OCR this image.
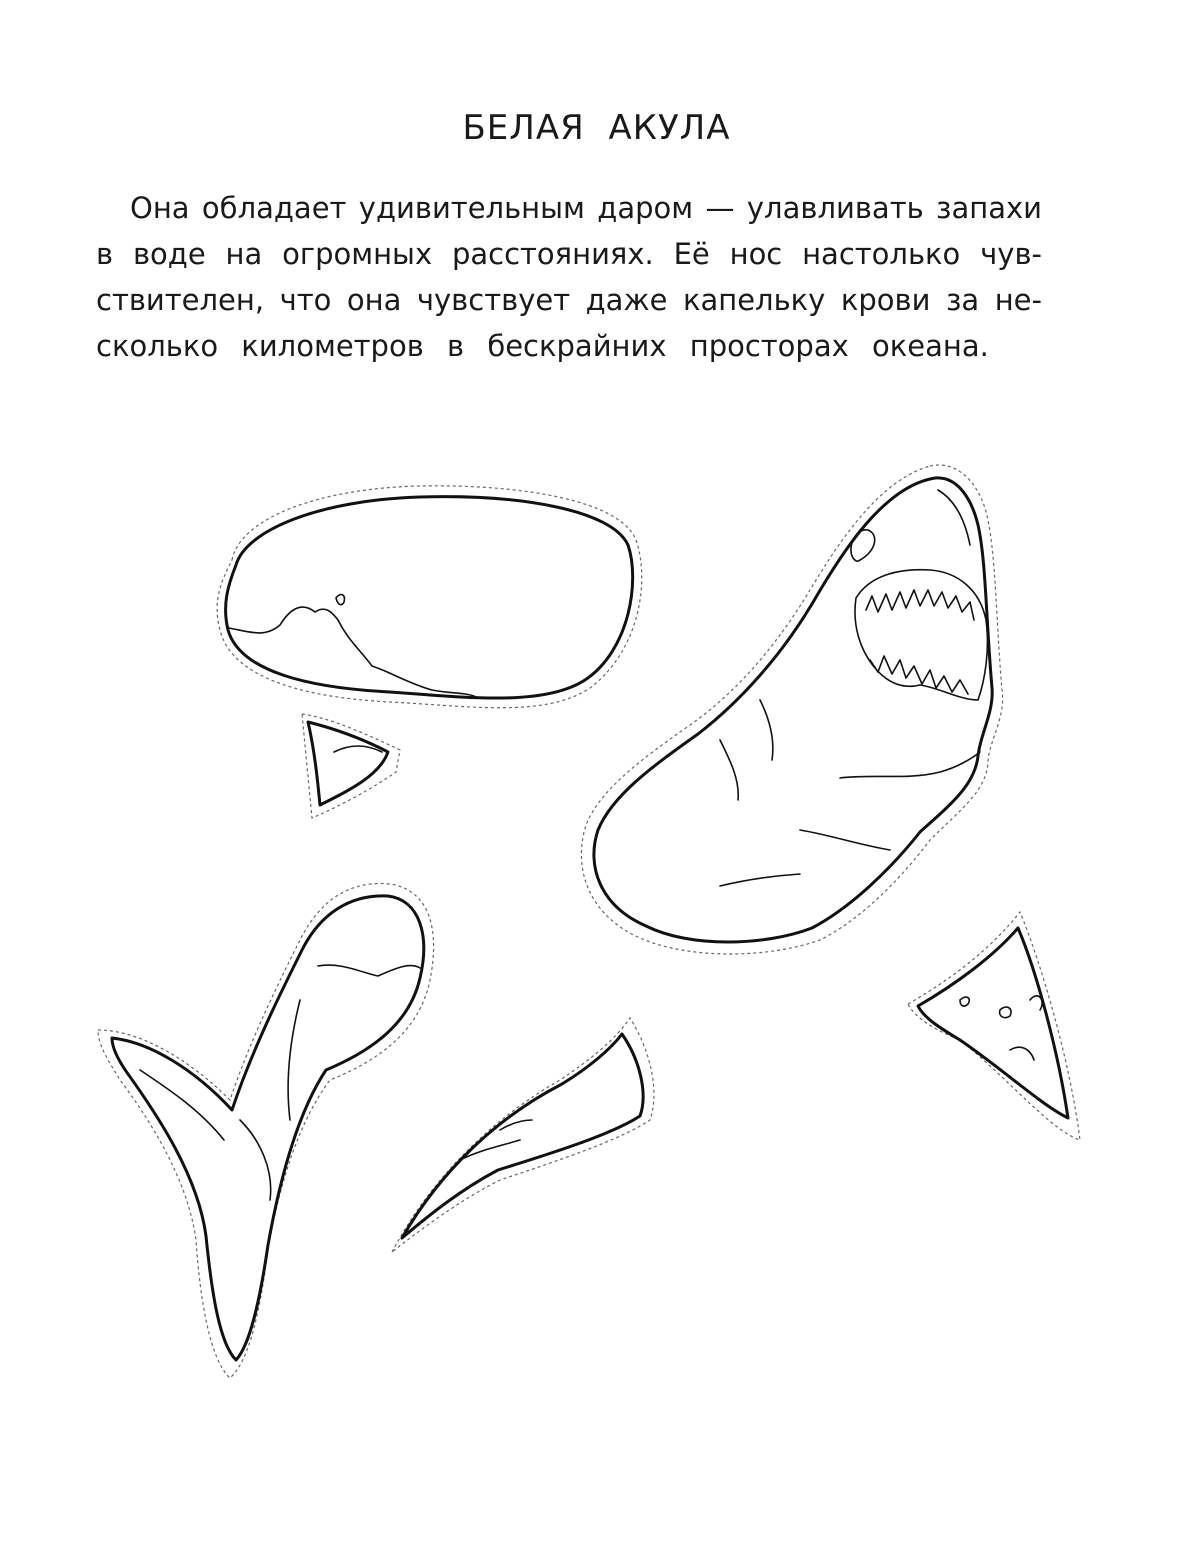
БЕЛАЯ АКУЛА
Она обладает удивительным даром — улавливать запахи
в воде на огромных расстояниях. Её нос настолько чув-
ствителен, что она чувствует даже капельку крови за не-
сколько километров в бескрайних просторах океана.
